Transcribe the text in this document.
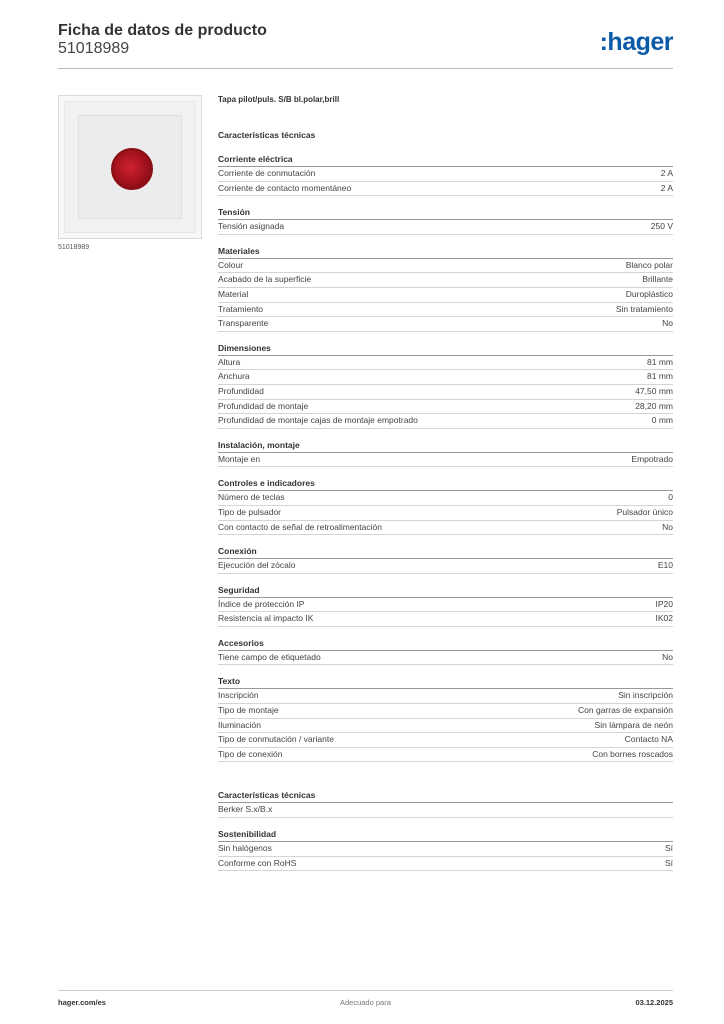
Ficha de datos de producto
51018989	:hager
51018989
Tapa pilot/puls. S/B bl.polar,brill
Características técnicas
Corriente eléctrica
Corriente de conmutación	2 A
Corriente de contacto momentáneo	2 A
Tensión
Tensión asignada	250 V
Materiales
Colour	Blanco polar
Acabado de la superficie	Brillante
Material	Duroplástico
Tratamiento	Sin tratamiento
Transparente	No
Dimensiones
Altura	81 mm
Anchura	81 mm
Profundidad	47,50 mm
Profundidad de montaje	28,20 mm
Profundidad de montaje cajas de montaje empotrado	0 mm
Instalación, montaje
Montaje en	Empotrado
Controles e indicadores
Número de teclas	0
Tipo de pulsador	Pulsador único
Con contacto de señal de retroalimentación	No
Conexión
Ejecución del zócalo	E10
Seguridad
Índice de protección IP	IP20
Resistencia al impacto IK	IK02
Accesorios
Tiene campo de etiquetado	No
Texto
Inscripción	Sin inscripción
Tipo de montaje	Con garras de expansión
Iluminación	Sin lámpara de neón
Tipo de conmutación / variante	Contacto NA
Tipo de conexión	Con bornes roscados
Características técnicas
Berker S.x/B.x
Sostenibilidad
Sin halógenos	Sí
Conforme con RoHS	Sí
hager.com/es	Adecuado para	03.12.2025
